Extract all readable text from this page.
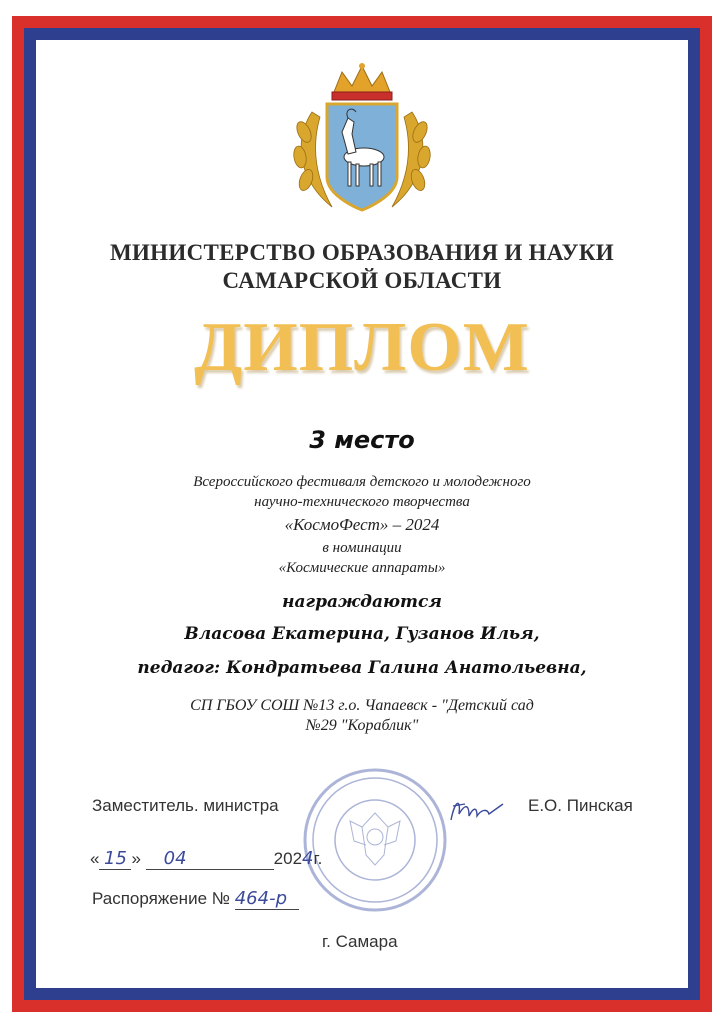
МИНИСТЕРСТВО ОБРАЗОВАНИЯ И НАУКИ
САМАРСКОЙ ОБЛАСТИ
ДИПЛОМ
3 место
Всероссийского фестиваля детского и молодежного
научно-технического творчества
«КосмоФест» – 2024
в номинации
«Космические аппараты»
награждаются
Власова Екатерина, Гузанов Илья,
педагог: Кондратьева Галина Анатольевна,
СП ГБОУ СОШ №13 г.о. Чапаевск - "Детский сад
№29 "Кораблик"
Заместитель. министра	Е.О. Пинская
« 15 » 04	2024г.
Распоряжение № 464-р
г. Самара
